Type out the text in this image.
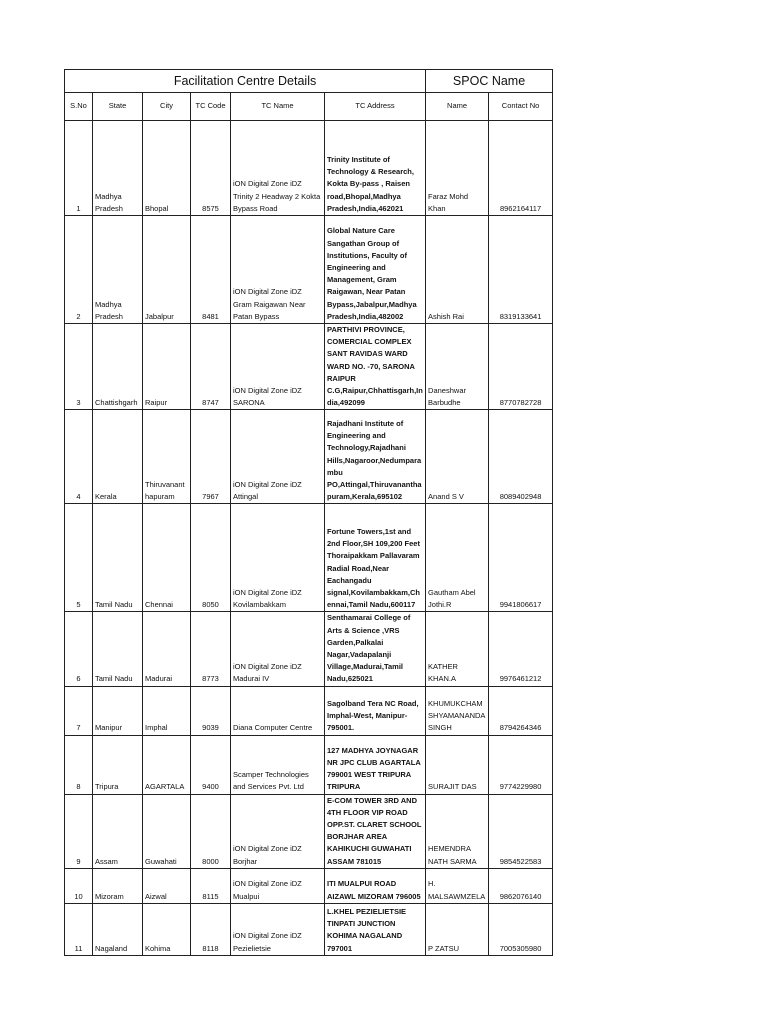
Facilitation Centre Details						SPOC Name	
S.No	State	City	TC Code	TC Name	TC Address	Name	Contact No
1	Madhya Pradesh	Bhopal	8575	iON Digital Zone iDZ Trinity 2 Headway 2 Kokta Bypass Road	Trinity Institute of Technology & Research, Kokta By-pass , Raisen road,Bhopal,Madhya Pradesh,India,462021	Faraz Mohd Khan	8962164117
2	Madhya Pradesh	Jabalpur	8481	iON Digital Zone iDZ Gram Raigawan Near Patan Bypass	Global Nature Care Sangathan Group of Institutions, Faculty of Engineering and Management, Gram Raigawan, Near Patan Bypass,Jabalpur,Madhya Pradesh,India,482002	Ashish Rai	8319133641
3	Chattishgarh	Raipur	8747	iON Digital Zone iDZ SARONA	PARTHIVI PROVINCE, COMERCIAL COMPLEX SANT RAVIDAS WARD WARD NO. -70, SARONA RAIPUR C.G,Raipur,Chhattisgarh,India,492099	Daneshwar Barbudhe	8770782728
4	Kerala	Thiruvanant hapuram	7967	iON Digital Zone iDZ Attingal	Rajadhani Institute of Engineering and Technology,Rajadhani Hills,Nagaroor,Nedumparambu PO,Attingal,Thiruvananthapuram,Kerala,695102	Anand S V	8089402948
5	Tamil Nadu	Chennai	8050	iON Digital Zone iDZ Kovilambakkam	Fortune Towers,1st and 2nd Floor,SH 109,200 Feet Thoraipakkam Pallavaram Radial Road,Near Eachangadu signal,Kovilambakkam,Chennai,Tamil Nadu,600117	Gautham Abel Jothi.R	9941806617
6	Tamil Nadu	Madurai	8773	iON Digital Zone iDZ Madurai IV	Senthamarai College of Arts & Science ,VRS Garden,Palkalai Nagar,Vadapalanji Village,Madurai,Tamil Nadu,625021	KATHER KHAN.A	9976461212
7	Manipur	Imphal	9039	Diana Computer Centre	Sagolband Tera NC Road, Imphal-West, Manipur- 795001.	KHUMUKCHAM SHYAMANANDA SINGH	8794264346
8	Tripura	AGARTALA	9400	Scamper Technologies and Services Pvt. Ltd	127 MADHYA JOYNAGAR NR JPC CLUB AGARTALA 799001 WEST TRIPURA TRIPURA	SURAJIT DAS	9774229980
9	Assam	Guwahati	8000	iON Digital Zone iDZ Borjhar	E-COM TOWER 3RD AND 4TH FLOOR VIP ROAD OPP.ST. CLARET SCHOOL BORJHAR AREA KAHIKUCHI GUWAHATI ASSAM 781015	HEMENDRA NATH SARMA	9854522583
10	Mizoram	Aizwal	8115	iON Digital Zone iDZ Mualpui	ITI MUALPUI ROAD AIZAWL MIZORAM 796005	H. MALSAWMZELA	9862076140
11	Nagaland	Kohima	8118	iON Digital Zone iDZ Pezielietsie	L.KHEL PEZIELIETSIE TINPATI JUNCTION KOHIMA NAGALAND 797001	P ZATSU	7005305980
